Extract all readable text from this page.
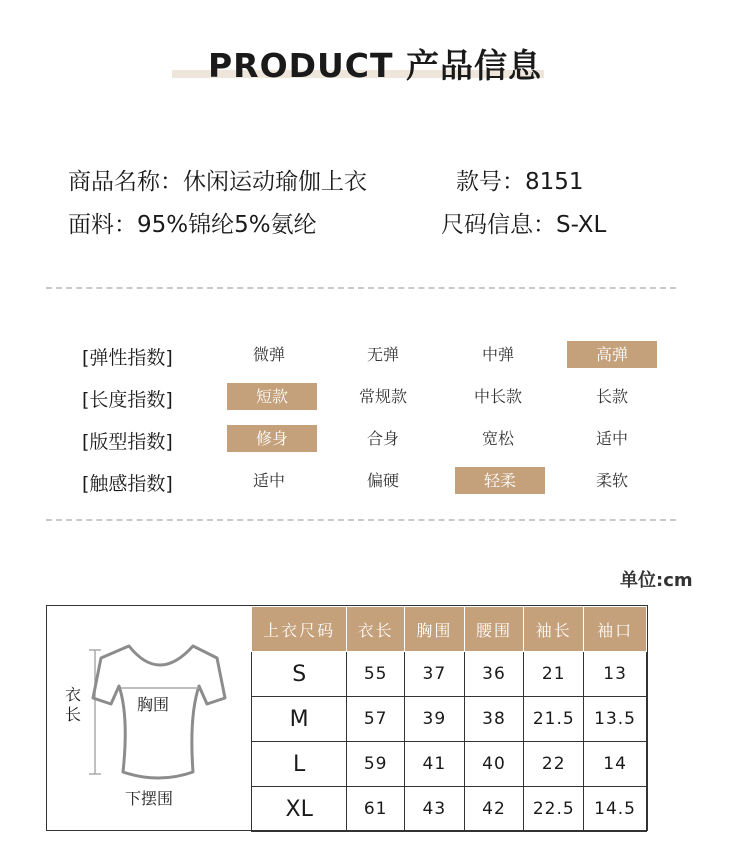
PRODUCT 产品信息
商品名称：休闲运动瑜伽上衣	款号：8151
面料：95%锦纶5%氨纶	尺码信息：S-XL
[弹性指数]	微弹	无弹	中弹	高弹
[长度指数]	短款	常规款	中长款	长款
[版型指数]	修身	合身	宽松	适中
[触感指数]	适中	偏硬	轻柔	柔软
单位:cm
衣
长
胸围
下摆围
上衣尺码	衣长	胸围	腰围	袖长	袖口
S	55	37	36	21	13
M	57	39	38	21.5	13.5
L	59	41	40	22	14
XL	61	43	42	22.5	14.5
